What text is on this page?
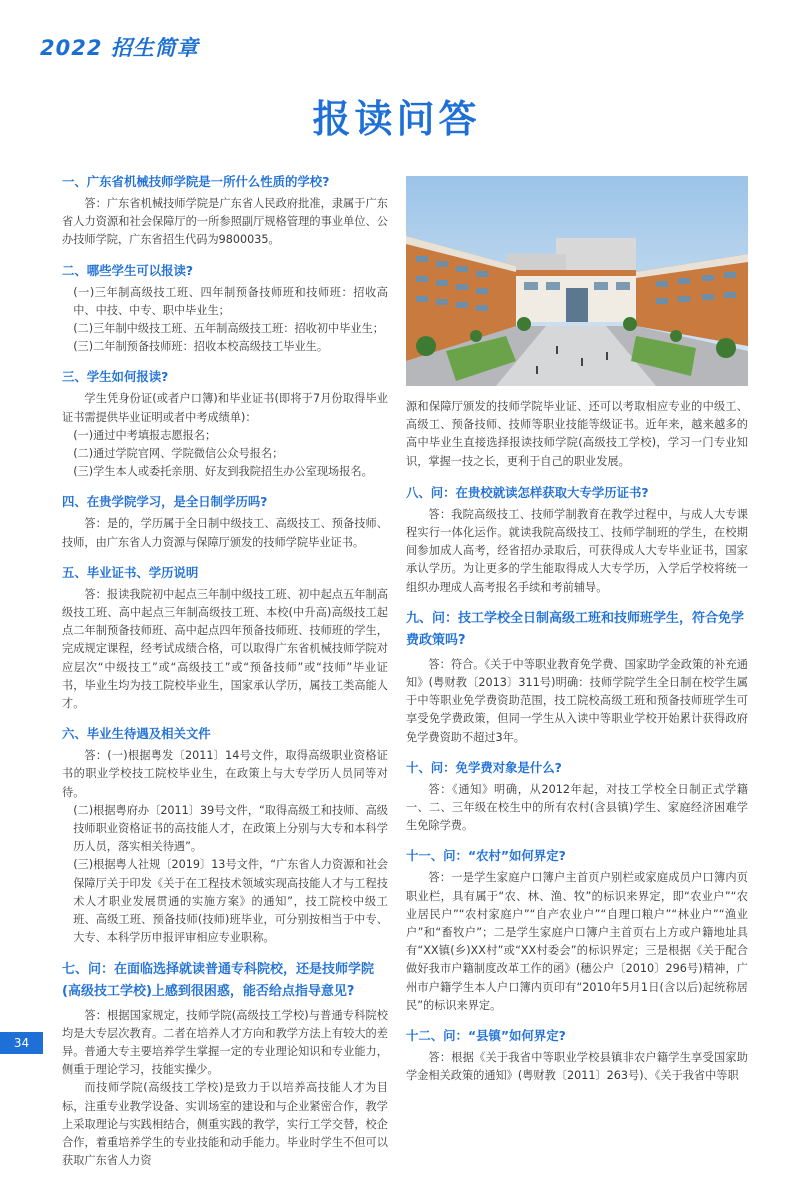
2022 招生简章
报读问答
一、广东省机械技师学院是一所什么性质的学校?

答：广东省机械技师学院是广东省人民政府批准，隶属于广东省人力资源和社会保障厅的一所参照副厅规格管理的事业单位、公办技师学院，广东省招生代码为9800035。

二、哪些学生可以报读?

(一)三年制高级技工班、四年制预备技师班和技师班：招收高中、中技、中专、职中毕业生；

(二)三年制中级技工班、五年制高级技工班：招收初中毕业生；

(三)二年制预备技师班：招收本校高级技工毕业生。

三、学生如何报读?

学生凭身份证(或者户口簿)和毕业证书(即将于7月份取得毕业证书需提供毕业证明或者中考成绩单)：

(一)通过中考填报志愿报名；

(二)通过学院官网、学院微信公众号报名；

(三)学生本人或委托亲朋、好友到我院招生办公室现场报名。

四、在贵学院学习，是全日制学历吗?

答：是的，学历属于全日制中级技工、高级技工、预备技师、技师，由广东省人力资源与保障厅颁发的技师学院毕业证书。

五、毕业证书、学历说明

答：报读我院初中起点三年制中级技工班、初中起点五年制高级技工班、高中起点三年制高级技工班、本校(中升高)高级技工起点二年制预备技师班、高中起点四年预备技师班、技师班的学生，完成规定课程，经考试成绩合格，可以取得广东省机械技师学院对应层次“中级技工”或“高级技工”或“预备技师”或“技师”毕业证书，毕业生均为技工院校毕业生，国家承认学历，属技工类高能人才。

六、毕业生待遇及相关文件

答：(一)根据粤发〔2011〕14号文件，取得高级职业资格证书的职业学校技工院校毕业生，在政策上与大专学历人员同等对待。

(二)根据粤府办〔2011〕39号文件，“取得高级工和技师、高级技师职业资格证书的高技能人才，在政策上分别与大专和本科学历人员，落实相关待遇”。

(三)根据粤人社规〔2019〕13号文件，“广东省人力资源和社会保障厅关于印发《关于在工程技术领域实现高技能人才与工程技术人才职业发展贯通的实施方案》的通知”，技工院校中级工班、高级工班、预备技师(技师)班毕业，可分别按相当于中专、大专、本科学历申报评审相应专业职称。

七、问：在面临选择就读普通专科院校，还是技师学院(高级技工学校)上感到很困惑，能否给点指导意见?

答：根据国家规定，技师学院(高级技工学校)与普通专科院校均是大专层次教育。二者在培养人才方向和教学方法上有较大的差异。普通大专主要培养学生掌握一定的专业理论知识和专业能力，侧重于理论学习，技能实操少。

而技师学院(高级技工学校)是致力于以培养高技能人才为目标，注重专业教学设备、实训场室的建设和与企业紧密合作，教学上采取理论与实践相结合，侧重实践的教学，实行工学交替，校企合作，着重培养学生的专业技能和动手能力。毕业时学生不但可以获取广东省人力资

源和保障厅颁发的技师学院毕业证、还可以考取相应专业的中级工、高级工、预备技师、技师等职业技能等级证书。近年来，越来越多的高中毕业生直接选择报读技师学院(高级技工学校)，学习一门专业知识，掌握一技之长，更利于自己的职业发展。

八、问：在贵校就读怎样获取大专学历证书?

答：我院高级技工、技师学制教育在教学过程中，与成人大专课程实行一体化运作。就读我院高级技工、技师学制班的学生，在校期间参加成人高考，经省招办录取后，可获得成人大专毕业证书，国家承认学历。为让更多的学生能取得成人大专学历，入学后学校将统一组织办理成人高考报名手续和考前辅导。

九、问：技工学校全日制高级工班和技师班学生，符合免学费政策吗?

答：符合。《关于中等职业教育免学费、国家助学金政策的补充通知》(粤财教〔2013〕311号)明确：技师学院学生全日制在校学生属于中等职业免学费资助范围，技工院校高级工班和预备技师班学生可享受免学费政策，但同一学生从入读中等职业学校开始累计获得政府免学费资助不超过3年。

十、问：免学费对象是什么?

答：《通知》明确，从2012年起，对技工学校全日制正式学籍一、二、三年级在校生中的所有农村(含县镇)学生、家庭经济困难学生免除学费。

十一、问：“农村”如何界定?

答：一是学生家庭户口簿户主首页户别栏或家庭成员户口簿内页职业栏，具有属于“农、林、渔、牧”的标识来界定，即“农业户”“农业居民户”“农村家庭户”“自产农业户”“自理口粮户”“林业户”“渔业户”和“畜牧户”；二是学生家庭户口簿户主首页右上方或户籍地址具有“XX镇(乡)XX村”或“XX村委会”的标识界定；三是根据《关于配合做好我市户籍制度改革工作的函》(穗公户〔2010〕296号)精神，广州市户籍学生本人户口簿内页印有“2010年5月1日(含以后)起统称居民”的标识来界定。

十二、问：“县镇”如何界定?

答：根据《关于我省中等职业学校县镇非农户籍学生享受国家助学金相关政策的通知》(粤财教〔2011〕263号)、《关于我省中等职

34
